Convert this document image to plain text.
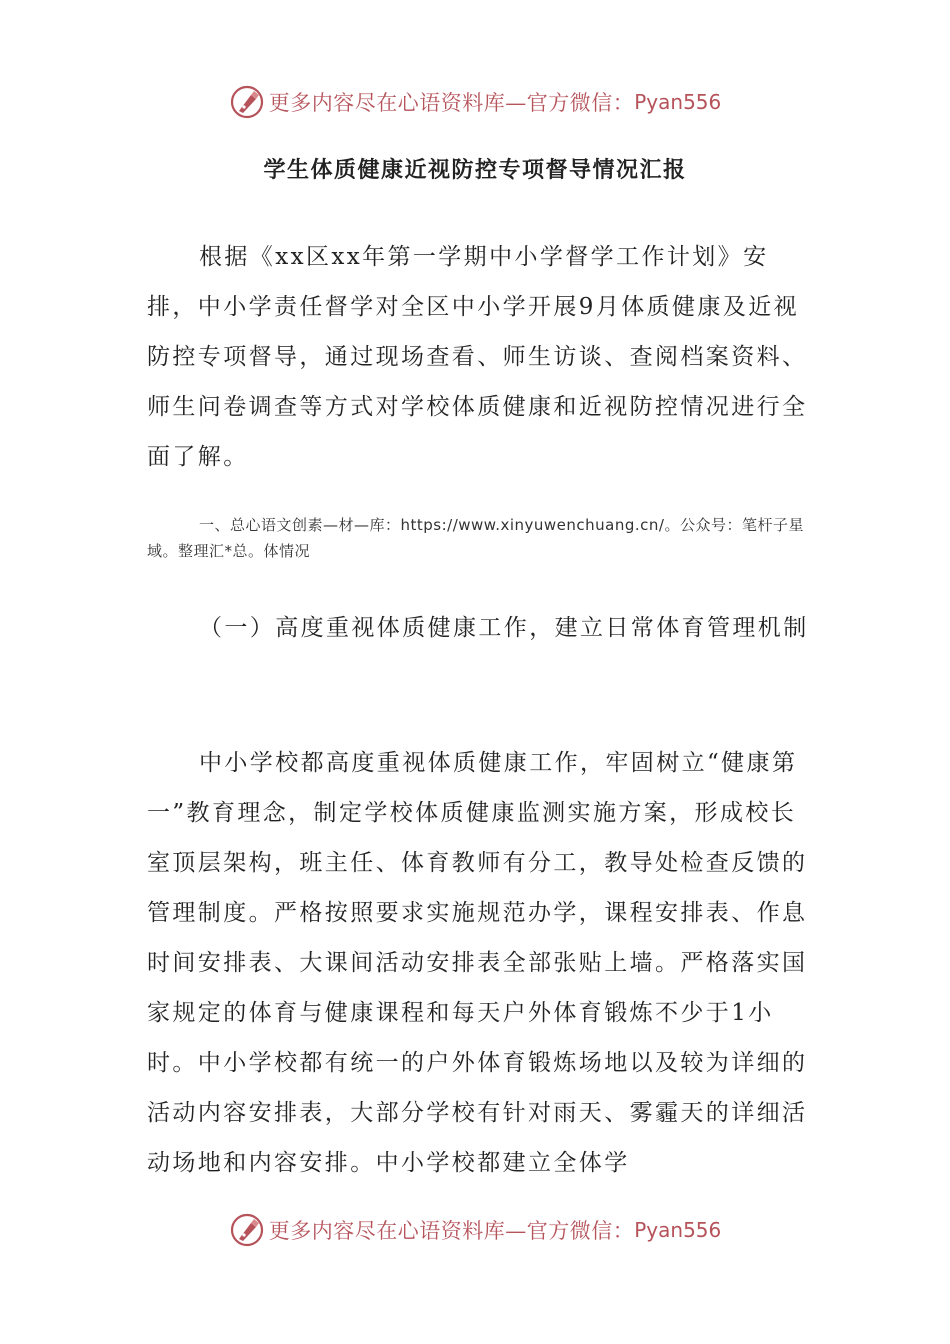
更多内容尽在心语资料库—官方微信： Pyan556
学生体质健康近视防控专项督导情况汇报

根据《xx区xx年第一学期中小学督学工作计划》安排，中小学责任督学对全区中小学开展9月体质健康及近视防控专项督导，通过现场查看、师生访谈、查阅档案资料、师生问卷调查等方式对学校体质健康和近视防控情况进行全面了解。

一、总心语文创素—材—库：https://www.xinyuwenchuang.cn/。公众号：笔杆子星域。整理汇*总。体情况

（一）高度重视体质健康工作，建立日常体育管理机制

中小学校都高度重视体质健康工作，牢固树立“健康第一”教育理念，制定学校体质健康监测实施方案，形成校长室顶层架构，班主任、体育教师有分工，教导处检查反馈的管理制度。严格按照要求实施规范办学，课程安排表、作息时间安排表、大课间活动安排表全部张贴上墙。严格落实国家规定的体育与健康课程和每天户外体育锻炼不少于1小时。中小学校都有统一的户外体育锻炼场地以及较为详细的活动内容安排表，大部分学校有针对雨天、雾霾天的详细活动场地和内容安排。中小学校都建立全体学

更多内容尽在心语资料库—官方微信： Pyan556
